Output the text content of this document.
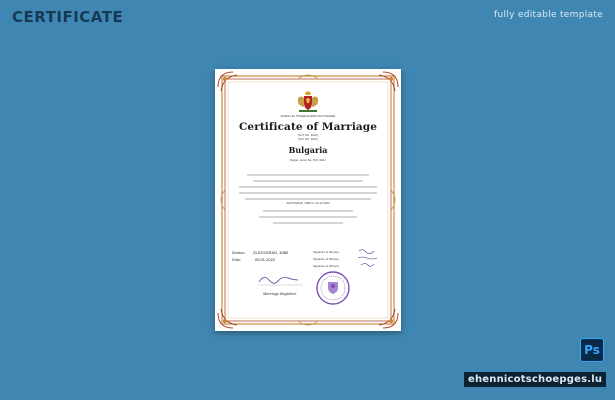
CERTIFICATE	fully editable template
(ЗАКОН ЗА ГРАЖДАНСКИЯ СЪСТОЯНИЕ)
Certificate of Marriage
(ACT NO. 2012)
(ACT NO. 2012)
Bulgaria
Regist. ration No. B 07-2022
ZLATOGRAD, 4980 on 15-12-2022
Station:
Date:
ZLATOGRAD, 4980
05.01.2022
Signature of Witness
Signature of Witness
Signature of Witness
Marriage Registrar
Ps
ehennicotschoepges.lu
